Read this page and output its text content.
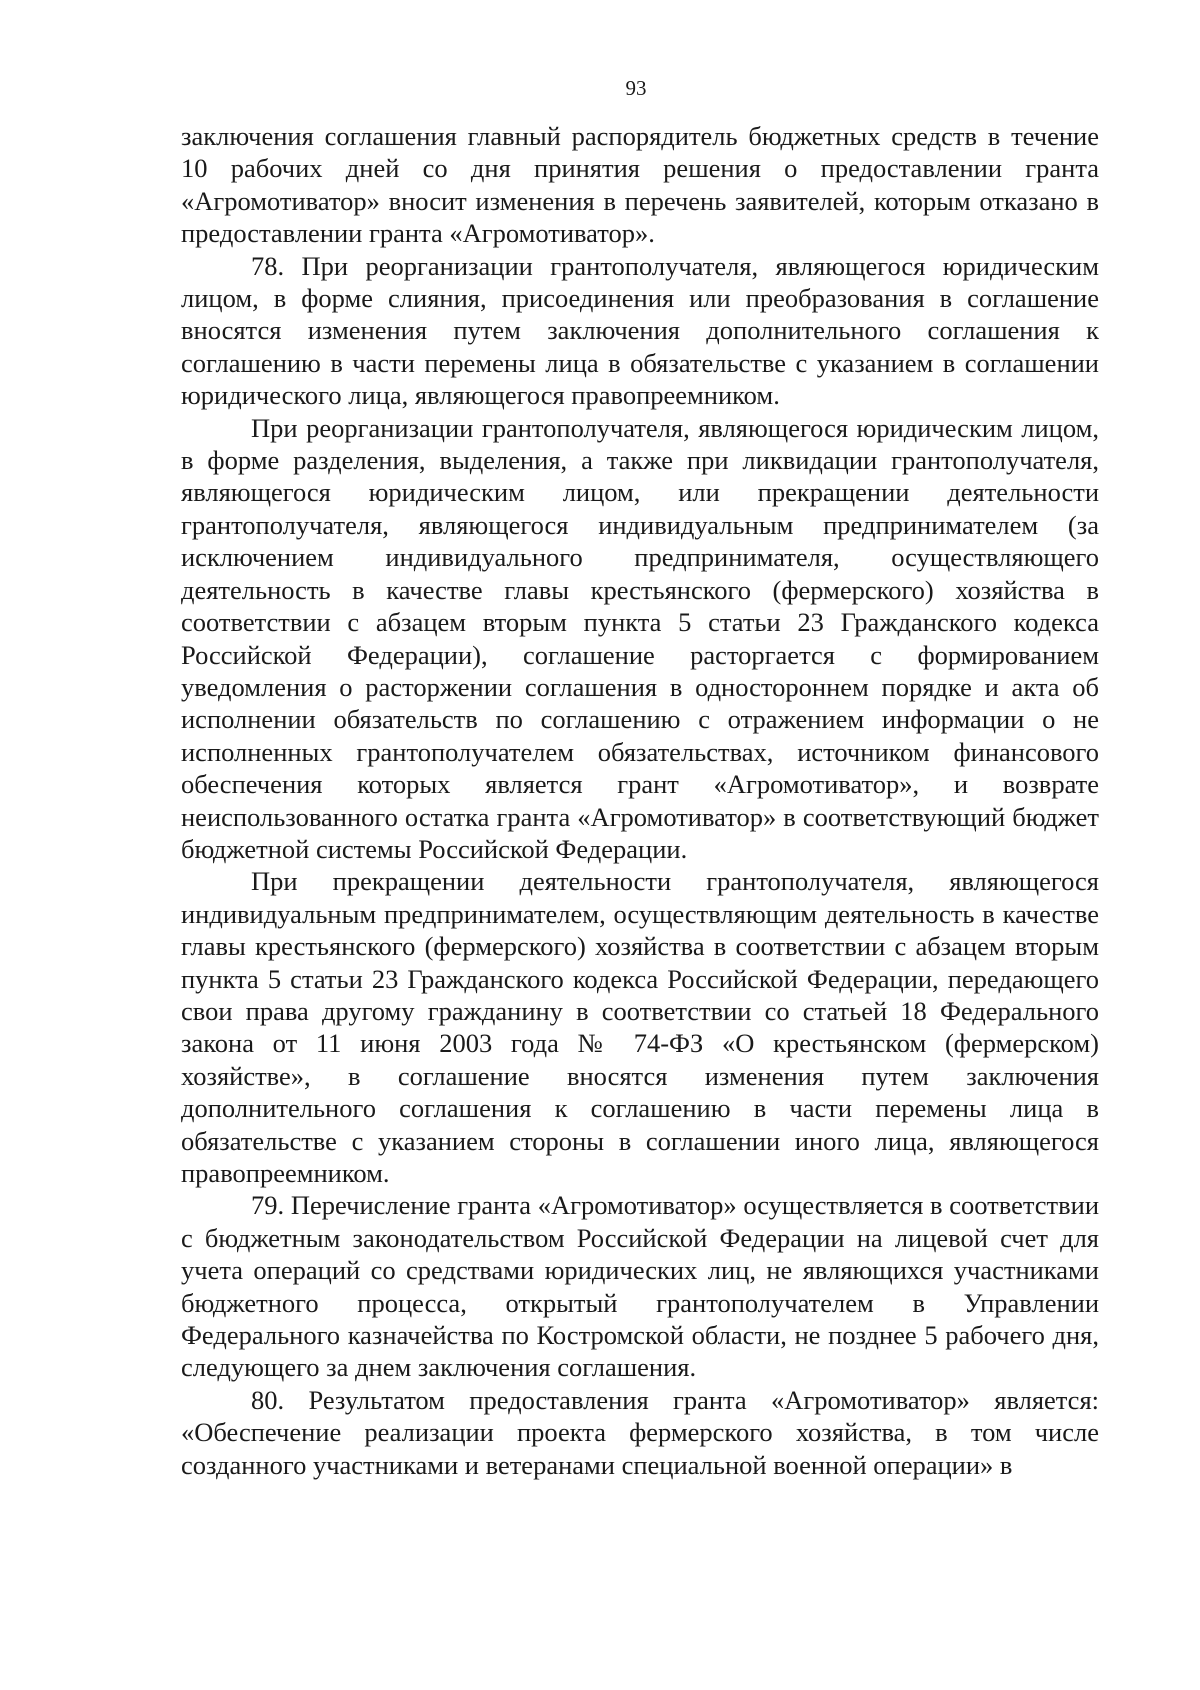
93

заключения соглашения главный распорядитель бюджетных средств в течение 10 рабочих дней со дня принятия решения о предоставлении гранта «Агромотиватор» вносит изменения в перечень заявителей, которым отказано в предоставлении гранта «Агромотиватор».

78. При реорганизации грантополучателя, являющегося юридическим лицом, в форме слияния, присоединения или преобразования в соглашение вносятся изменения путем заключения дополнительного соглашения к соглашению в части перемены лица в обязательстве с указанием в соглашении юридического лица, являющегося правопреемником.

При реорганизации грантополучателя, являющегося юридическим лицом, в форме разделения, выделения, а также при ликвидации грантополучателя, являющегося юридическим лицом, или прекращении деятельности грантополучателя, являющегося индивидуальным предпринимателем (за исключением индивидуального предпринимателя, осуществляющего деятельность в качестве главы крестьянского (фермерского) хозяйства в соответствии с абзацем вторым пункта 5 статьи 23 Гражданского кодекса Российской Федерации), соглашение расторгается с формированием уведомления о расторжении соглашения в одностороннем порядке и акта об исполнении обязательств по соглашению с отражением информации о не исполненных грантополучателем обязательствах, источником финансового обеспечения которых является грант «Агромотиватор», и возврате неиспользованного остатка гранта «Агромотиватор» в соответствующий бюджет бюджетной системы Российской Федерации.

При прекращении деятельности грантополучателя, являющегося индивидуальным предпринимателем, осуществляющим деятельность в качестве главы крестьянского (фермерского) хозяйства в соответствии с абзацем вторым пункта 5 статьи 23 Гражданского кодекса Российской Федерации, передающего свои права другому гражданину в соответствии со статьей 18 Федерального закона от 11 июня 2003 года № 74-ФЗ «О крестьянском (фермерском) хозяйстве», в соглашение вносятся изменения путем заключения дополнительного соглашения к соглашению в части перемены лица в обязательстве с указанием стороны в соглашении иного лица, являющегося правопреемником.

79. Перечисление гранта «Агромотиватор» осуществляется в соответствии с бюджетным законодательством Российской Федерации на лицевой счет для учета операций со средствами юридических лиц, не являющихся участниками бюджетного процесса, открытый грантополучателем в Управлении Федерального казначейства по Костромской области, не позднее 5 рабочего дня, следующего за днем заключения соглашения.

80. Результатом предоставления гранта «Агромотиватор» является: «Обеспечение реализации проекта фермерского хозяйства, в том числе созданного участниками и ветеранами специальной военной операции» в
